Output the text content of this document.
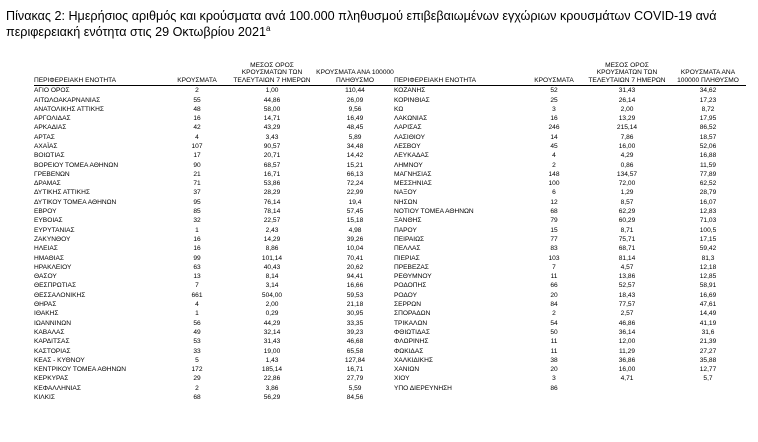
Πίνακας 2: Ημερήσιος αριθμός και κρούσματα ανά 100.000 πληθυσμού επιβεβαιωμένων εγχώριων κρουσμάτων COVID-19 ανά περιφερειακή ενότητα στις 29 Οκτωβρίου 2021$^a$
ΠΕΡΙΦΕΡΕΙΑΚΗ ΕΝΟΤΗΤΑ	ΚΡΟΥΣΜΑΤΑ	ΜΕΣΟΣ ΟΡΟΣ ΚΡΟΥΣΜΑΤΩΝ ΤΩΝ ΤΕΛΕΥΤΑΙΩΝ 7 ΗΜΕΡΩΝ	ΚΡΟΥΣΜΑΤΑ ΑΝΑ 100000 ΠΛΗΘΥΣΜΟ	ΠΕΡΙΦΕΡΕΙΑΚΗ ΕΝΟΤΗΤΑ	ΚΡΟΥΣΜΑΤΑ	ΜΕΣΟΣ ΟΡΟΣ ΚΡΟΥΣΜΑΤΩΝ ΤΩΝ ΤΕΛΕΥΤΑΙΩΝ 7 ΗΜΕΡΩΝ	ΚΡΟΥΣΜΑΤΑ ΑΝΑ 100000 ΠΛΗΘΥΣΜΟ
ΑΓΙΟ ΟΡΟΣ	2	1,00	110,44	ΚΟΖΑΝΗΣ	52	31,43	34,62
ΑΙΤΩΛΟΑΚΑΡΝΑΝΙΑΣ	55	44,86	26,09	ΚΟΡΙΝΘΙΑΣ	25	26,14	17,23
ΑΝΑΤΟΛΙΚΗΣ ΑΤΤΙΚΗΣ	48	58,00	9,56	ΚΩ	3	2,00	8,72
ΑΡΓΟΛΙΔΑΣ	16	14,71	16,49	ΛΑΚΩΝΙΑΣ	16	13,29	17,95
ΑΡΚΑΔΙΑΣ	42	43,29	48,45	ΛΑΡΙΣΑΣ	246	215,14	86,52
ΑΡΤΑΣ	4	3,43	5,89	ΛΑΣΙΘΙΟΥ	14	7,86	18,57
ΑΧΑΪΑΣ	107	90,57	34,48	ΛΕΣΒΟΥ	45	16,00	52,06
ΒΟΙΩΤΙΑΣ	17	20,71	14,42	ΛΕΥΚΑΔΑΣ	4	4,29	16,88
ΒΟΡΕΙΟΥ ΤΟΜΕΑ ΑΘΗΝΩΝ	90	68,57	15,21	ΛΗΜΝΟΥ	2	0,86	11,59
ΓΡΕΒΕΝΩΝ	21	16,71	66,13	ΜΑΓΝΗΣΙΑΣ	148	134,57	77,89
ΔΡΑΜΑΣ	71	53,86	72,24	ΜΕΣΣΗΝΙΑΣ	100	72,00	62,52
ΔΥΤΙΚΗΣ ΑΤΤΙΚΗΣ	37	28,29	22,99	ΝΑΞΟΥ	6	1,29	28,79
ΔΥΤΙΚΟΥ ΤΟΜΕΑ ΑΘΗΝΩΝ	95	76,14	19,4	ΝΗΣΩΝ	12	8,57	16,07
ΕΒΡΟΥ	85	78,14	57,45	ΝΟΤΙΟΥ ΤΟΜΕΑ ΑΘΗΝΩΝ	68	62,29	12,83
ΕΥΒΟΙΑΣ	32	22,57	15,18	ΞΑΝΘΗΣ	79	60,29	71,03
ΕΥΡΥΤΑΝΙΑΣ	1	2,43	4,98	ΠΑΡΟΥ	15	8,71	100,5
ΖΑΚΥΝΘΟΥ	16	14,29	39,26	ΠΕΙΡΑΙΩΣ	77	75,71	17,15
ΗΛΕΙΑΣ	16	8,86	10,04	ΠΕΛΛΑΣ	83	68,71	59,42
ΗΜΑΘΙΑΣ	99	101,14	70,41	ΠΙΕΡΙΑΣ	103	81,14	81,3
ΗΡΑΚΛΕΙΟΥ	63	40,43	20,62	ΠΡΕΒΕΖΑΣ	7	4,57	12,18
ΘΑΣΟΥ	13	8,14	94,41	ΡΕΘΥΜΝΟΥ	11	13,86	12,85
ΘΕΣΠΡΩΤΙΑΣ	7	3,14	16,66	ΡΟΔΟΠΗΣ	66	52,57	58,91
ΘΕΣΣΑΛΟΝΙΚΗΣ	661	504,00	59,53	ΡΟΔΟΥ	20	18,43	16,69
ΘΗΡΑΣ	4	2,00	21,18	ΣΕΡΡΩΝ	84	77,57	47,61
ΙΘΑΚΗΣ	1	0,29	30,95	ΣΠΟΡΑΔΩΝ	2	2,57	14,49
ΙΩΑΝΝΙΝΩΝ	56	44,29	33,35	ΤΡΙΚΑΛΩΝ	54	46,86	41,19
ΚΑΒΑΛΑΣ	49	32,14	39,23	ΦΘΙΩΤΙΔΑΣ	50	36,14	31,6
ΚΑΡΔΙΤΣΑΣ	53	31,43	46,68	ΦΛΩΡΙΝΗΣ	11	12,00	21,39
ΚΑΣΤΟΡΙΑΣ	33	19,00	65,58	ΦΩΚΙΔΑΣ	11	11,29	27,27
ΚΕΑΣ - ΚΥΘΝΟΥ	5	1,43	127,84	ΧΑΛΚΙΔΙΚΗΣ	38	36,86	35,88
ΚΕΝΤΡΙΚΟΥ ΤΟΜΕΑ ΑΘΗΝΩΝ	172	185,14	16,71	ΧΑΝΙΩΝ	20	16,00	12,77
ΚΕΡΚΥΡΑΣ	29	22,86	27,79	ΧΙΟΥ	3	4,71	5,7
ΚΕΦΑΛΛΗΝΙΑΣ	2	3,86	5,59	ΥΠΟ ΔΙΕΡΕΥΝΗΣΗ	86		
ΚΙΛΚΙΣ	68	56,29	84,56				
